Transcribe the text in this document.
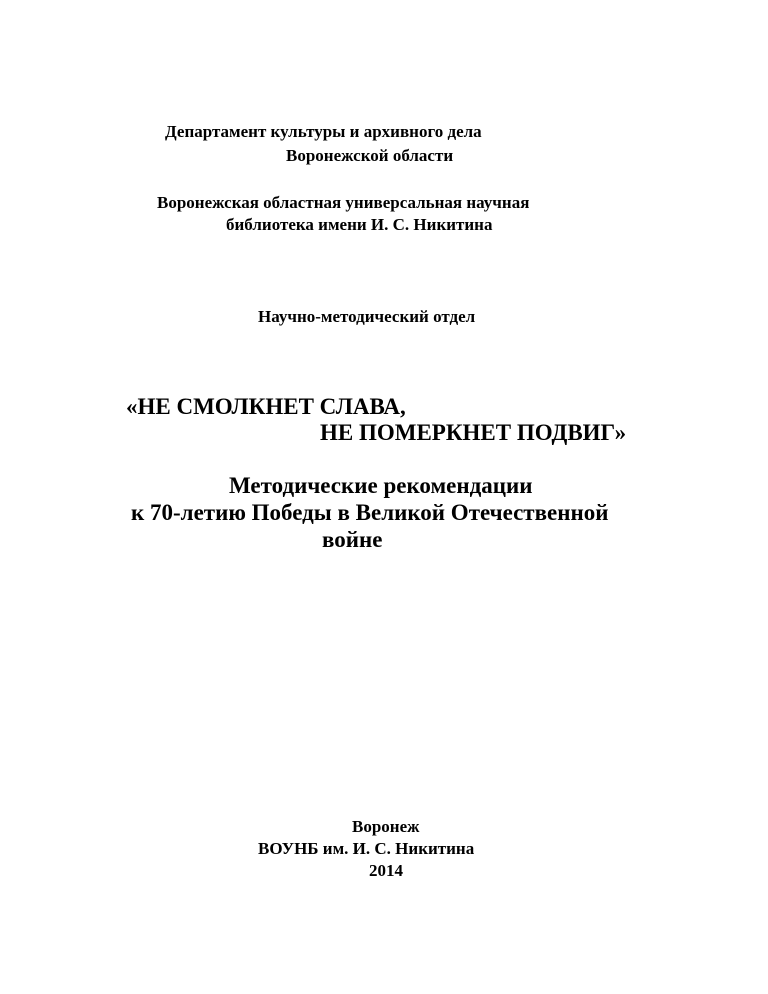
Департамент культуры и архивного дела
Воронежской области
Воронежская областная универсальная научная
библиотека имени И. С. Никитина
Научно-методический отдел
«НЕ СМОЛКНЕТ СЛАВА,
НЕ ПОМЕРКНЕТ ПОДВИГ»
Методические рекомендации
к 70-летию Победы в Великой Отечественной
войне
Воронеж
ВОУНБ им. И. С. Никитина
2014
